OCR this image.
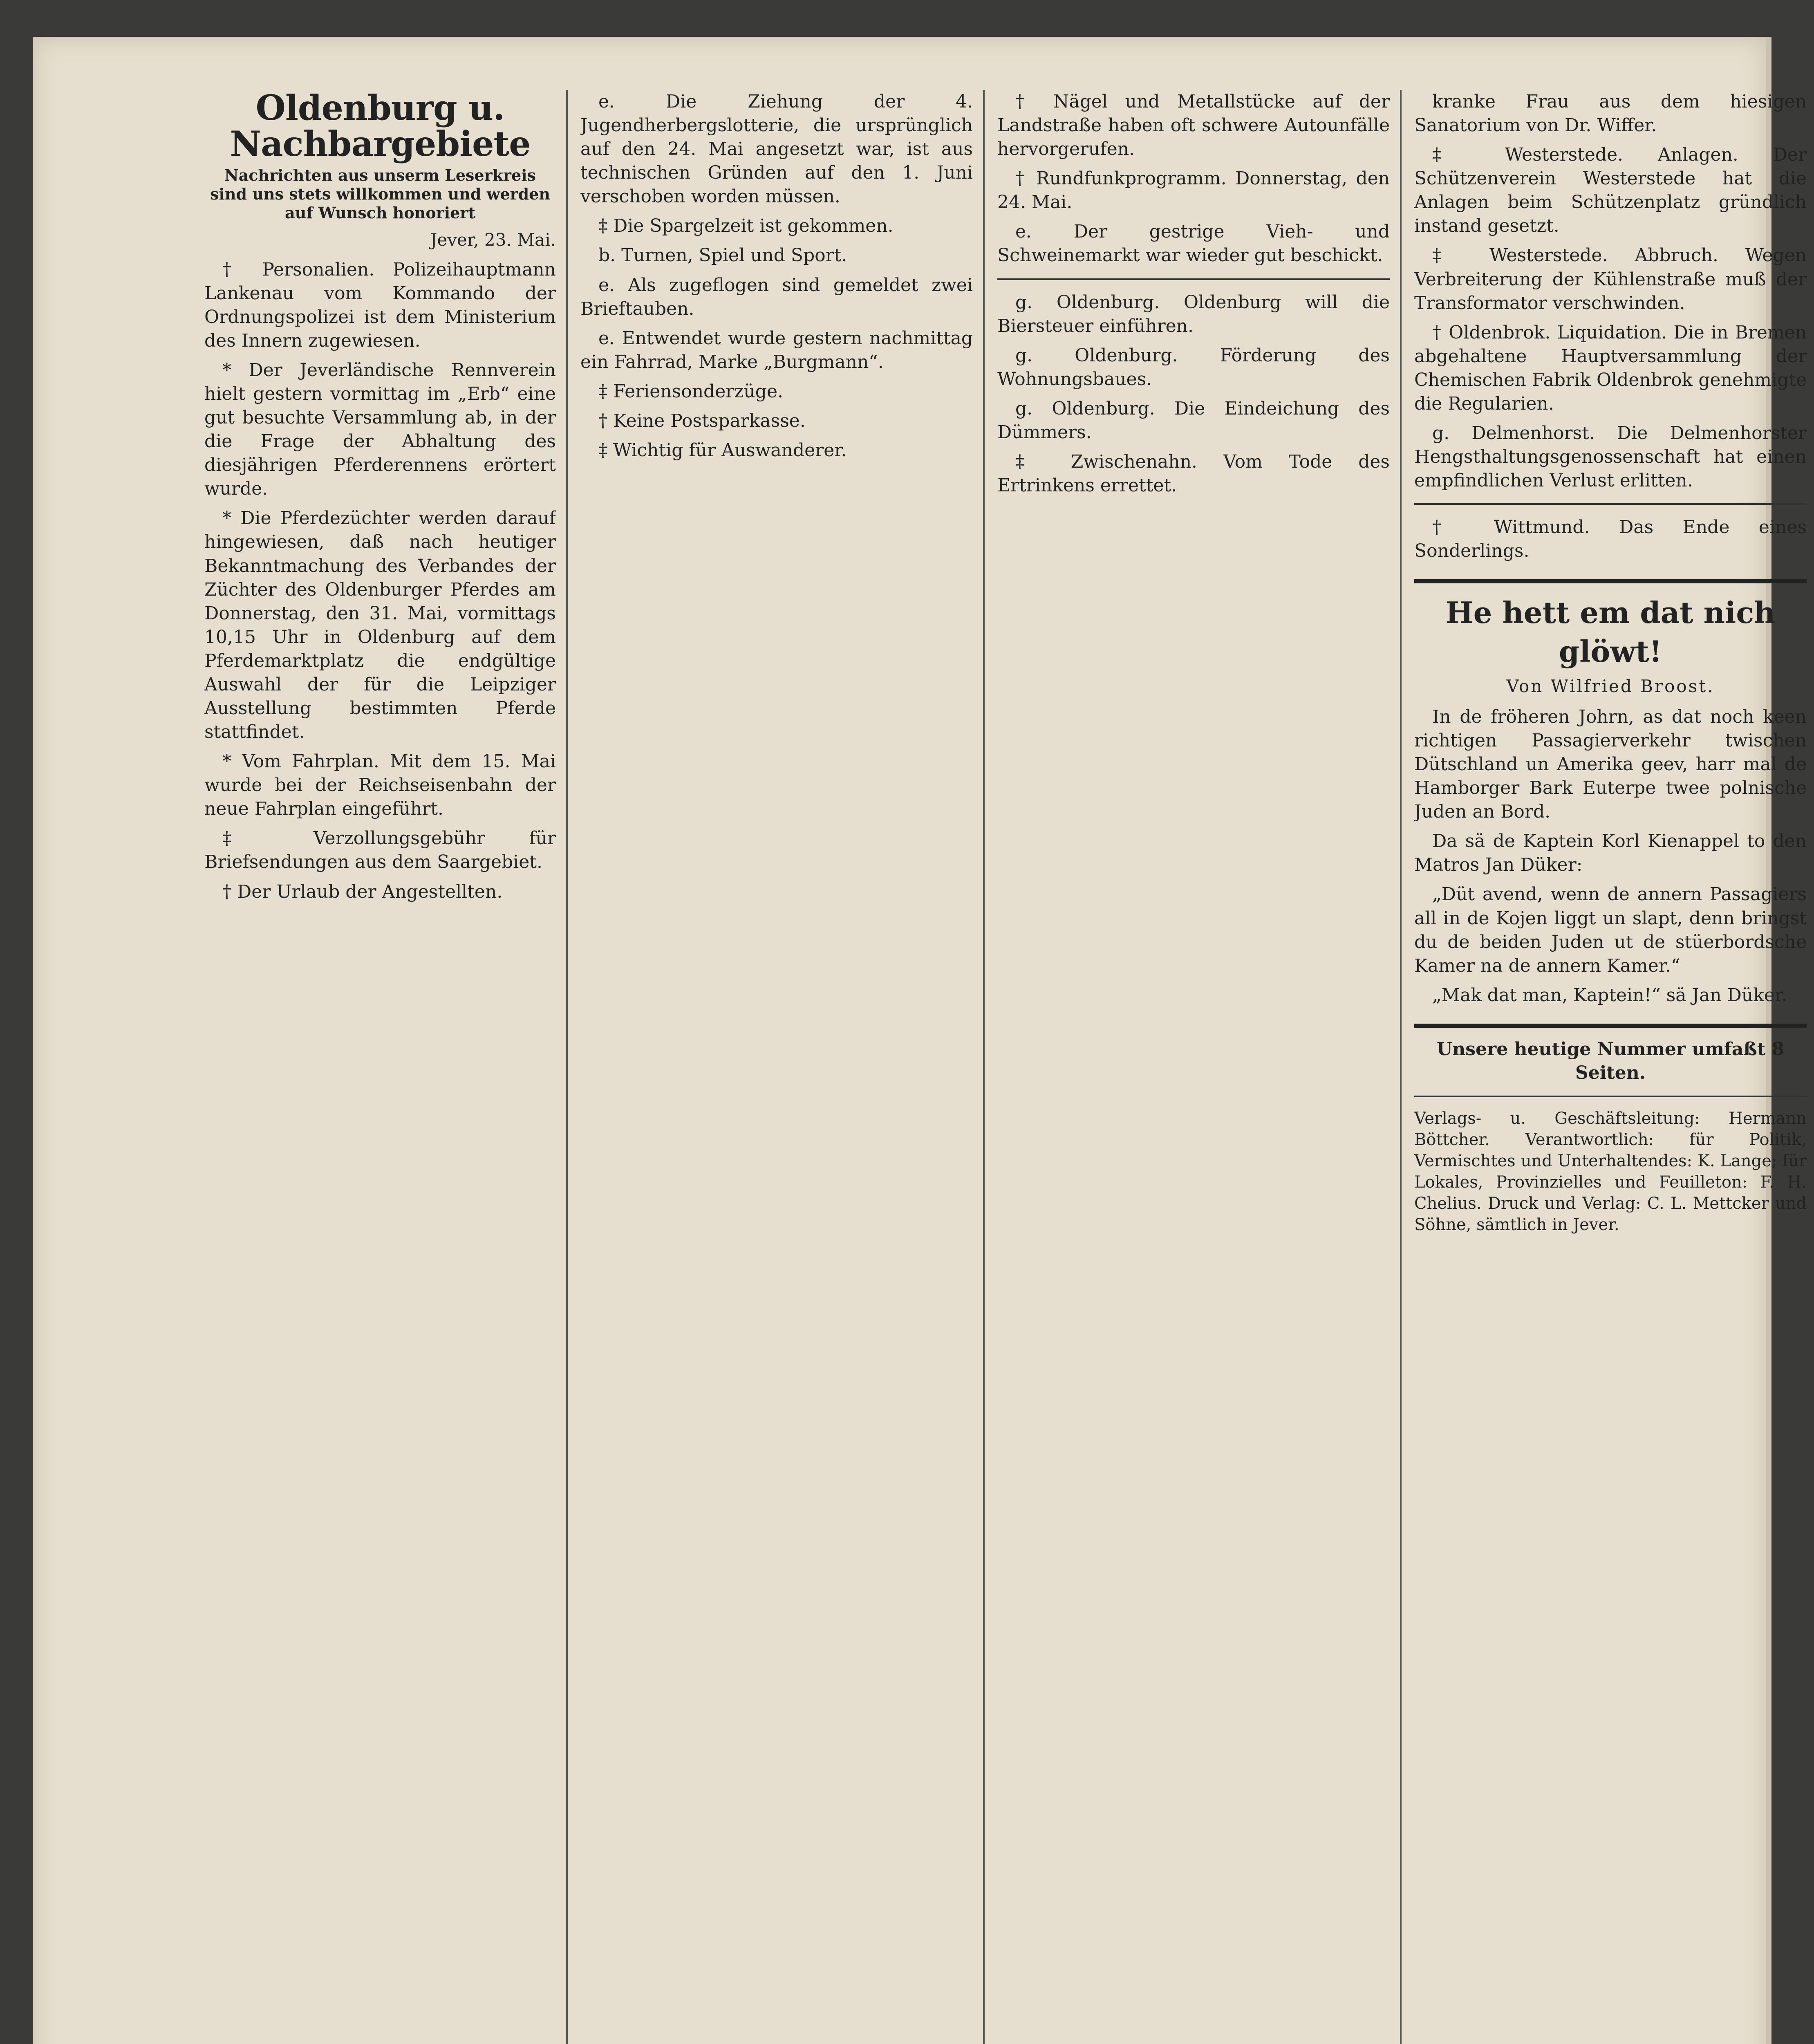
Oldenburg u. Nachbargebiete
Nachrichten aus unserm Leserkreis sind uns stets willkommen und werden auf Wunsch honoriert
Jever, 23. Mai.

† Personalien. Polizeihauptmann Lankenau vom Kommando der Ordnungspolizei ist dem Ministerium des Innern zugewiesen.

* Der Jeverländische Rennverein hielt gestern vormittag im „Erb“ eine gut besuchte Versammlung ab, in der die Frage der Abhaltung des diesjährigen Pferderennens erörtert wurde.

* Die Pferdezüchter werden darauf hingewiesen, daß nach heutiger Bekanntmachung des Verbandes der Züchter des Oldenburger Pferdes am Donnerstag, den 31. Mai, vormittags 10,15 Uhr in Oldenburg auf dem Pferdemarktplatz die endgültige Auswahl der für die Leipziger Ausstellung bestimmten Pferde stattfindet.

* Vom Fahrplan. Mit dem 15. Mai wurde bei der Reichseisenbahn der neue Fahrplan eingeführt.

‡ Verzollungsgebühr für Briefsendungen aus dem Saargebiet.

† Der Urlaub der Angestellten.

e. Die Ziehung der 4. Jugendherbergslotterie, die ursprünglich auf den 24. Mai angesetzt war, ist aus technischen Gründen auf den 1. Juni verschoben worden müssen.

‡ Die Spargelzeit ist gekommen.

b. Turnen, Spiel und Sport.

e. Als zugeflogen sind gemeldet zwei Brieftauben.

e. Entwendet wurde gestern nachmittag ein Fahrrad, Marke „Burgmann“.

‡ Feriensonderzüge.

† Keine Postsparkasse.

‡ Wichtig für Auswanderer.

† Nägel und Metallstücke auf der Landstraße haben oft schwere Autounfälle hervorgerufen.

† Rundfunkprogramm. Donnerstag, den 24. Mai.

e. Der gestrige Vieh- und Schweinemarkt war wieder gut beschickt.

g. Oldenburg. Oldenburg will die Biersteuer einführen.

g. Oldenburg. Förderung des Wohnungsbaues.

g. Oldenburg. Die Eindeichung des Dümmers.

‡ Zwischenahn. Vom Tode des Ertrinkens errettet.

kranke Frau aus dem hiesigen Sanatorium von Dr. Wiffer.

‡ Westerstede. Anlagen. Der Schützenverein Westerstede hat die Anlagen beim Schützenplatz gründlich instand gesetzt.

‡ Westerstede. Abbruch. Wegen Verbreiterung der Kühlenstraße muß der Transformator verschwinden.

† Oldenbrok. Liquidation. Die in Bremen abgehaltene Hauptversammlung der Chemischen Fabrik Oldenbrok genehmigte die Regularien.

g. Delmenhorst. Die Delmenhorster Hengsthaltungsgenossenschaft hat einen empfindlichen Verlust erlitten.

† Wittmund. Das Ende eines Sonderlings.

He hett em dat nich glöwt!
Von Wilfried Broost.

In de fröheren Johrn, as dat noch keen richtigen Passagierverkehr twischen Dütschland un Amerika geev, harr mal de Hamborger Bark Euterpe twee polnische Juden an Bord.

Da sä de Kaptein Korl Kienappel to den Matros Jan Düker:

„Düt avend, wenn de annern Passagiers all in de Kojen liggt un slapt, denn bringst du de beiden Juden ut de stüerbordsche Kamer na de annern Kamer.“

„Mak dat man, Kaptein!“ sä Jan Düker.

Unsere heutige Nummer umfaßt 8 Seiten.
Verlags- u. Geschäftsleitung: Hermann Böttcher. Verantwortlich: für Politik, Vermischtes und Unterhaltendes: K. Lange; für Lokales, Provinzielles und Feuilleton: F. H. Chelius. Druck und Verlag: C. L. Mettcker und Söhne, sämtlich in Jever.
